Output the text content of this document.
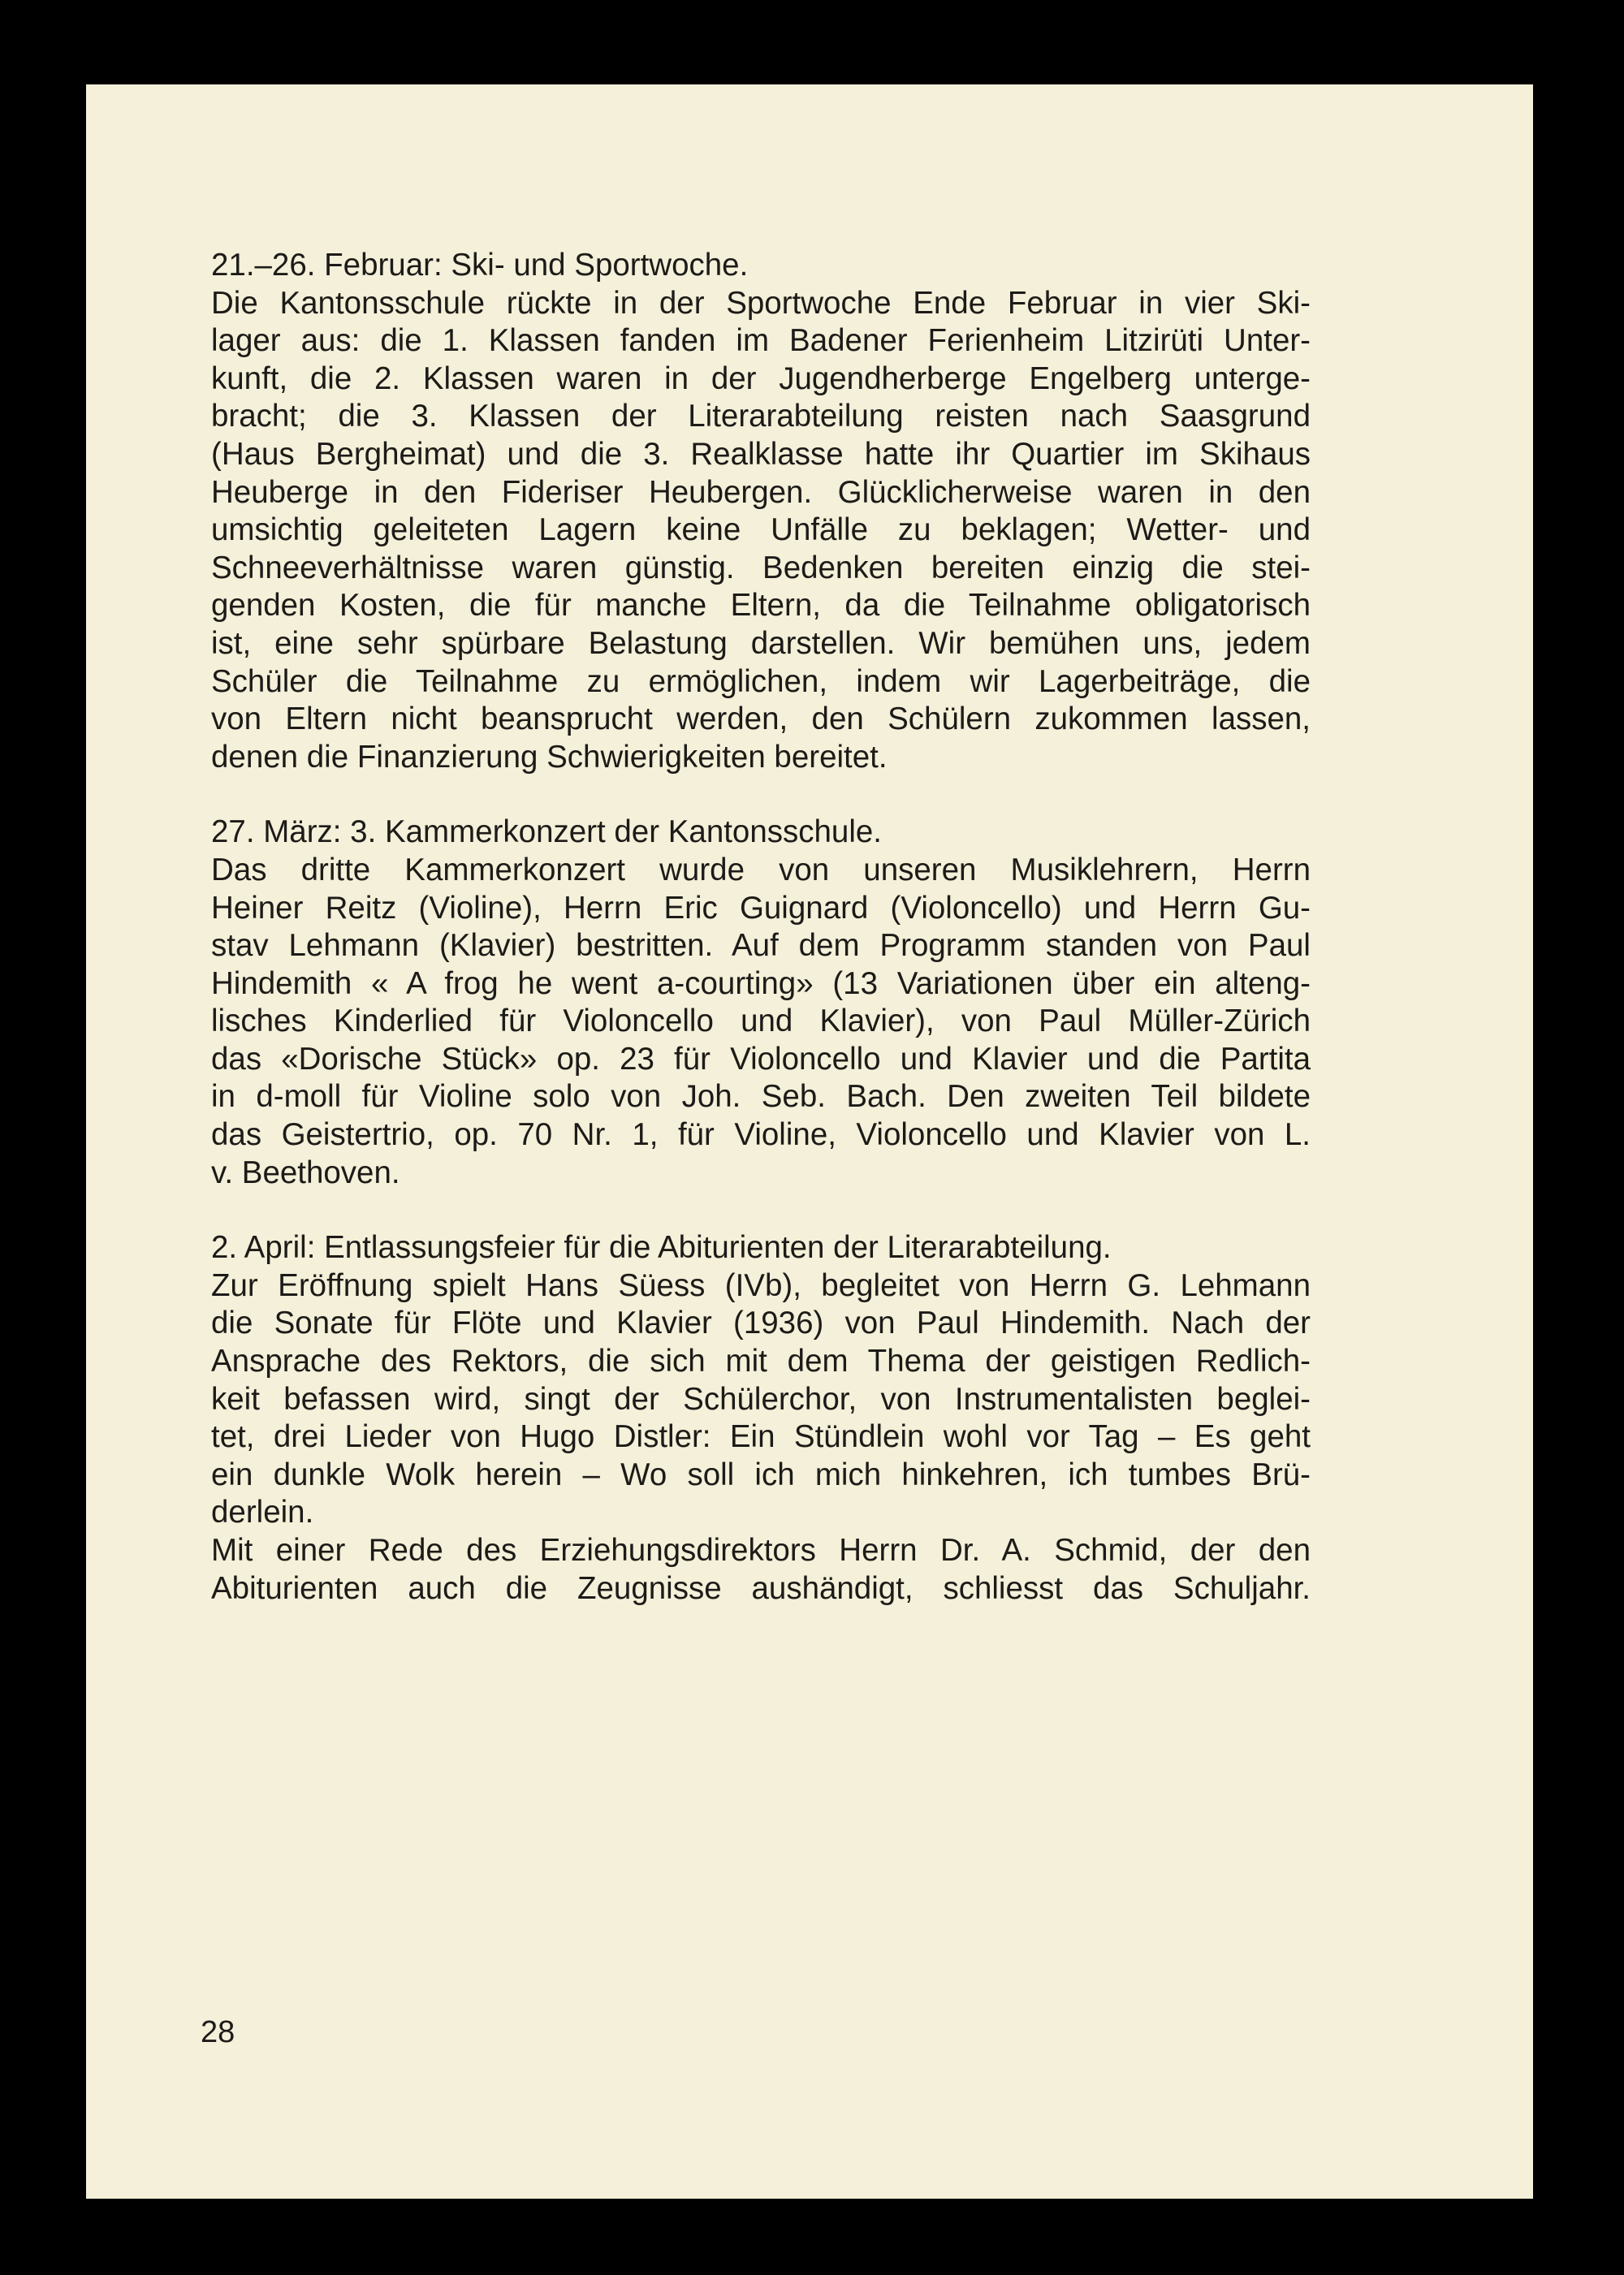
21.–26. Februar: Ski- und Sportwoche.
Die Kantonsschule rückte in der Sportwoche Ende Februar in vier Ski-
lager aus: die 1. Klassen fanden im Badener Ferienheim Litzirüti Unter-
kunft, die 2. Klassen waren in der Jugendherberge Engelberg unterge-
bracht; die 3. Klassen der Literarabteilung reisten nach Saasgrund
(Haus Bergheimat) und die 3. Realklasse hatte ihr Quartier im Skihaus
Heuberge in den Fideriser Heubergen. Glücklicherweise waren in den
umsichtig geleiteten Lagern keine Unfälle zu beklagen; Wetter- und
Schneeverhältnisse waren günstig. Bedenken bereiten einzig die stei-
genden Kosten, die für manche Eltern, da die Teilnahme obligatorisch
ist, eine sehr spürbare Belastung darstellen. Wir bemühen uns, jedem
Schüler die Teilnahme zu ermöglichen, indem wir Lagerbeiträge, die
von Eltern nicht beansprucht werden, den Schülern zukommen lassen,
denen die Finanzierung Schwierigkeiten bereitet.
27. März: 3. Kammerkonzert der Kantonsschule.
Das dritte Kammerkonzert wurde von unseren Musiklehrern, Herrn
Heiner Reitz (Violine), Herrn Eric Guignard (Violoncello) und Herrn Gu-
stav Lehmann (Klavier) bestritten. Auf dem Programm standen von Paul
Hindemith « A frog he went a-courting» (13 Variationen über ein alteng-
lisches Kinderlied für Violoncello und Klavier), von Paul Müller-Zürich
das «Dorische Stück» op. 23 für Violoncello und Klavier und die Partita
in d-moll für Violine solo von Joh. Seb. Bach. Den zweiten Teil bildete
das Geistertrio, op. 70 Nr. 1, für Violine, Violoncello und Klavier von L.
v. Beethoven.
2. April: Entlassungsfeier für die Abiturienten der Literarabteilung.
Zur Eröffnung spielt Hans Süess (IVb), begleitet von Herrn G. Lehmann
die Sonate für Flöte und Klavier (1936) von Paul Hindemith. Nach der
Ansprache des Rektors, die sich mit dem Thema der geistigen Redlich-
keit befassen wird, singt der Schülerchor, von Instrumentalisten beglei-
tet, drei Lieder von Hugo Distler: Ein Stündlein wohl vor Tag – Es geht
ein dunkle Wolk herein – Wo soll ich mich hinkehren, ich tumbes Brü-
derlein.
Mit einer Rede des Erziehungsdirektors Herrn Dr. A. Schmid, der den
Abiturienten auch die Zeugnisse aushändigt, schliesst das Schuljahr.
28
